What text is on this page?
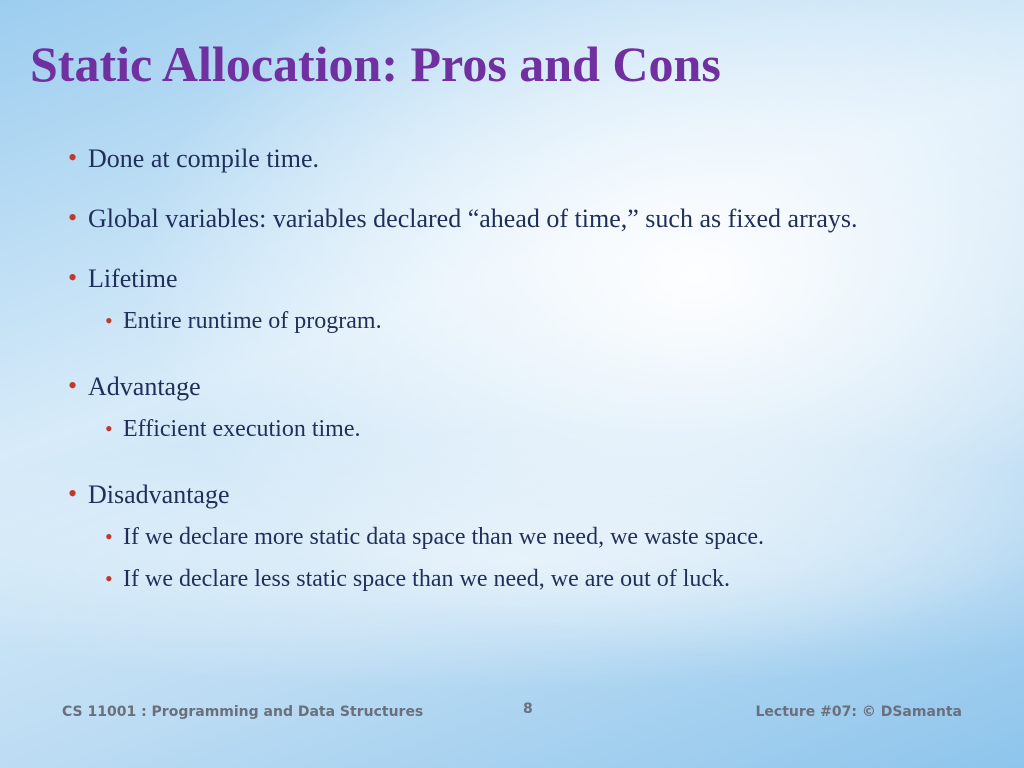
Static Allocation: Pros and Cons
• Done at compile time.
• Global variables: variables declared “ahead of time,” such as fixed arrays.
• Lifetime
• Entire runtime of program.
• Advantage
• Efficient execution time.
• Disadvantage
• If we declare more static data space than we need, we waste space.
• If we declare less static space than we need, we are out of luck.
CS 11001 : Programming and Data Structures	8	Lecture #07: © DSamanta
